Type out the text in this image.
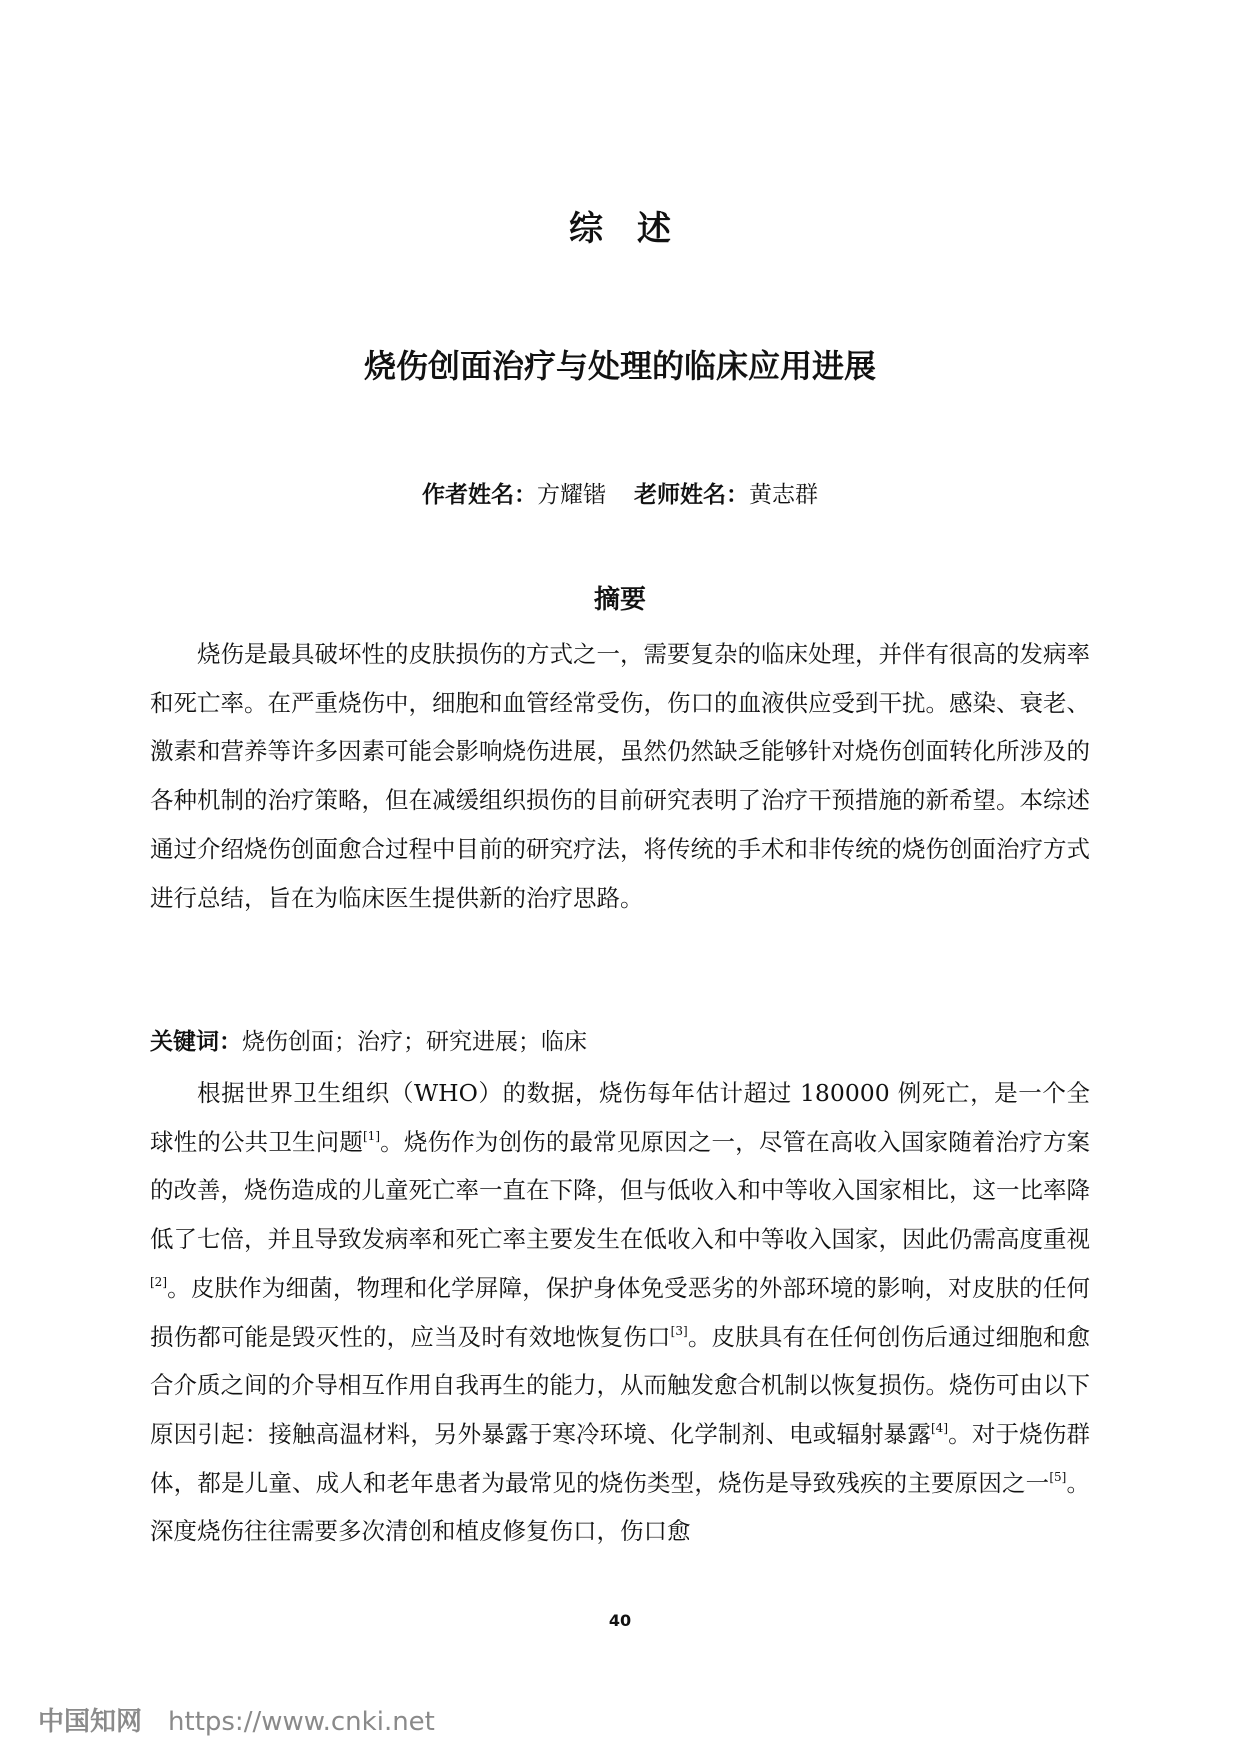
综述
烧伤创面治疗与处理的临床应用进展
作者姓名：方耀锴 老师姓名：黄志群
摘要

烧伤是最具破坏性的皮肤损伤的方式之一，需要复杂的临床处理，并伴有很高的发病率和死亡率。在严重烧伤中，细胞和血管经常受伤，伤口的血液供应受到干扰。感染、衰老、激素和营养等许多因素可能会影响烧伤进展，虽然仍然缺乏能够针对烧伤创面转化所涉及的各种机制的治疗策略，但在减缓组织损伤的目前研究表明了治疗干预措施的新希望。本综述通过介绍烧伤创面愈合过程中目前的研究疗法，将传统的手术和非传统的烧伤创面治疗方式进行总结，旨在为临床医生提供新的治疗思路。

关键词：烧伤创面；治疗；研究进展；临床

根据世界卫生组织（WHO）的数据，烧伤每年估计超过 180000 例死亡，是一个全球性的公共卫生问题[1]。烧伤作为创伤的最常见原因之一，尽管在高收入国家随着治疗方案的改善，烧伤造成的儿童死亡率一直在下降，但与低收入和中等收入国家相比，这一比率降低了七倍，并且导致发病率和死亡率主要发生在低收入和中等收入国家，因此仍需高度重视[2]。皮肤作为细菌，物理和化学屏障，保护身体免受恶劣的外部环境的影响，对皮肤的任何损伤都可能是毁灭性的，应当及时有效地恢复伤口[3]。皮肤具有在任何创伤后通过细胞和愈合介质之间的介导相互作用自我再生的能力，从而触发愈合机制以恢复损伤。烧伤可由以下原因引起：接触高温材料，另外暴露于寒冷环境、化学制剂、电或辐射暴露[4]。对于烧伤群体，都是儿童、成人和老年患者为最常见的烧伤类型，烧伤是导致残疾的主要原因之一[5]。深度烧伤往往需要多次清创和植皮修复伤口，伤口愈

40
中国知网 https://www.cnki.net
